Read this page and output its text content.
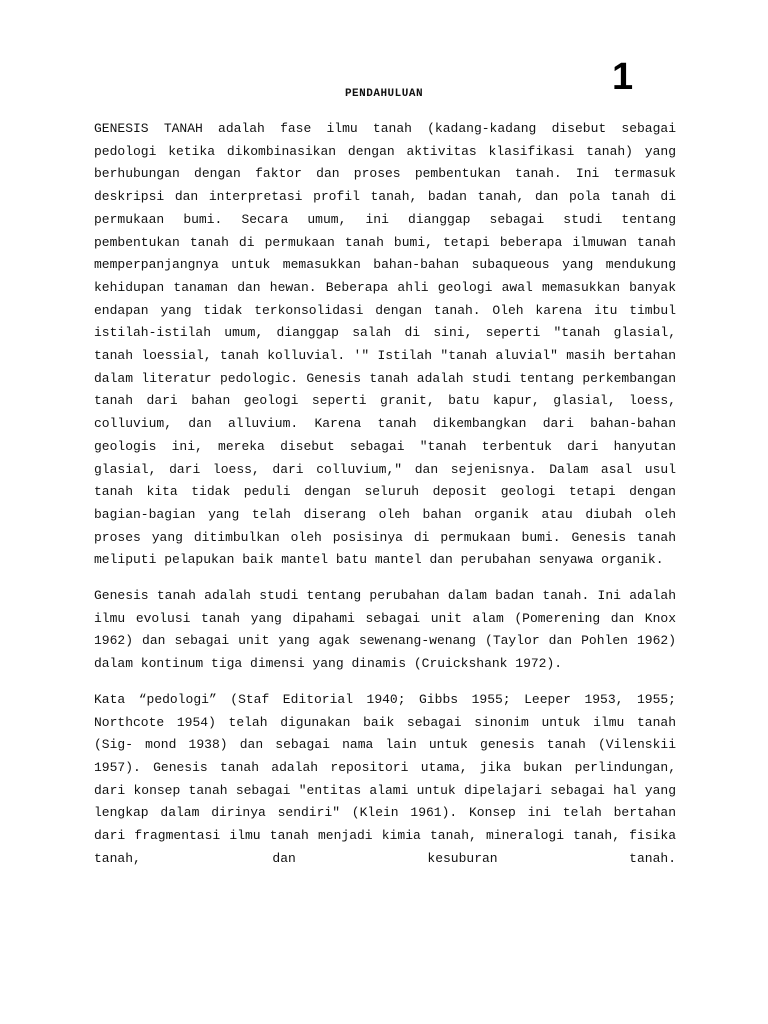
1
PENDAHULUAN

GENESIS TANAH adalah fase ilmu tanah (kadang-kadang disebut sebagai pedologi ketika dikombinasikan dengan aktivitas klasifikasi tanah) yang berhubungan dengan faktor dan proses pembentukan tanah. Ini termasuk deskripsi dan interpretasi profil tanah, badan tanah, dan pola tanah di permukaan bumi. Secara umum, ini dianggap sebagai studi tentang pembentukan tanah di permukaan tanah bumi, tetapi beberapa ilmuwan tanah memperpanjangnya untuk memasukkan bahan-bahan subaqueous yang mendukung kehidupan tanaman dan hewan. Beberapa ahli geologi awal memasukkan banyak endapan yang tidak terkonsolidasi dengan tanah. Oleh karena itu timbul istilah-istilah umum, dianggap salah di sini, seperti "tanah glasial, tanah loessial, tanah kolluvial. '" Istilah "tanah aluvial" masih bertahan dalam literatur pedologic. Genesis tanah adalah studi tentang perkembangan tanah dari bahan geologi seperti granit, batu kapur, glasial, loess, colluvium, dan alluvium. Karena tanah dikembangkan dari bahan-bahan geologis ini, mereka disebut sebagai "tanah terbentuk dari hanyutan glasial, dari loess, dari colluvium," dan sejenisnya. Dalam asal usul tanah kita tidak peduli dengan seluruh deposit geologi tetapi dengan bagian-bagian yang telah diserang oleh bahan organik atau diubah oleh proses yang ditimbulkan oleh posisinya di permukaan bumi. Genesis tanah meliputi pelapukan baik mantel batu mantel dan perubahan senyawa organik.

Genesis tanah adalah studi tentang perubahan dalam badan tanah. Ini adalah ilmu evolusi tanah yang dipahami sebagai unit alam (Pomerening dan Knox 1962) dan sebagai unit yang agak sewenang-wenang (Taylor dan Pohlen 1962) dalam kontinum tiga dimensi yang dinamis (Cruickshank 1972).

Kata “pedologi” (Staf Editorial 1940; Gibbs 1955; Leeper 1953, 1955; Northcote 1954) telah digunakan baik sebagai sinonim untuk ilmu tanah (Sig- mond 1938) dan sebagai nama lain untuk genesis tanah (Vilenskii 1957). Genesis tanah adalah repositori utama, jika bukan perlindungan, dari konsep tanah sebagai "entitas alami untuk dipelajari sebagai hal yang lengkap dalam dirinya sendiri" (Klein 1961). Konsep ini telah bertahan dari fragmentasi ilmu tanah menjadi kimia tanah, mineralogi tanah, fisika tanah, dan kesuburan tanah.
